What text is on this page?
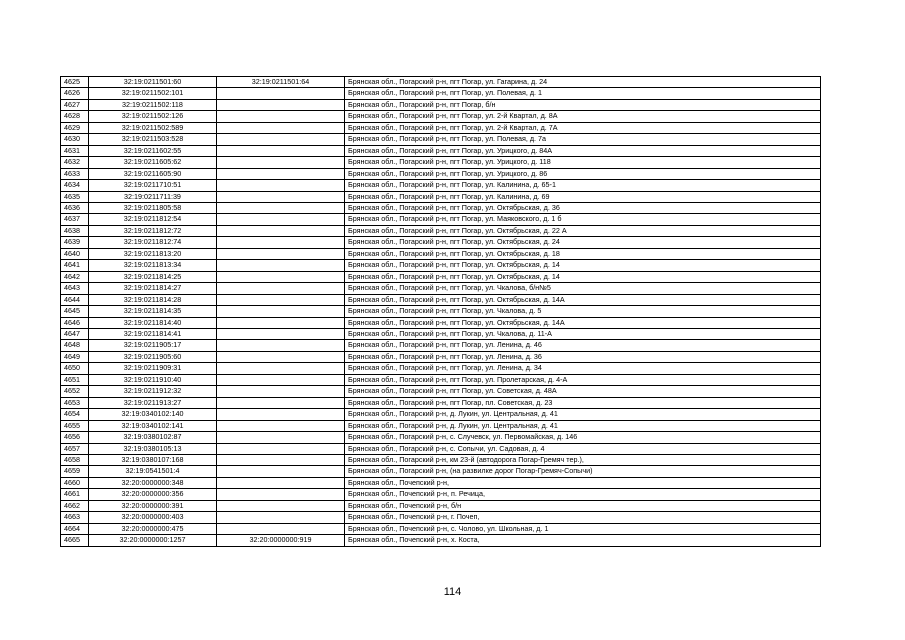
4625	32:19:0211501:60	32:19:0211501:64	Брянская обл., Погарский р-н, пгт Погар, ул. Гагарина, д. 24
4626	32:19:0211502:101		Брянская обл., Погарский р-н, пгт Погар, ул. Полевая, д. 1
4627	32:19:0211502:118		Брянская обл., Погарский р-н, пгт Погар, б/н
4628	32:19:0211502:126		Брянская обл., Погарский р-н, пгт Погар, ул. 2-й Квартал, д. 8А
4629	32:19:0211502:589		Брянская обл., Погарский р-н, пгт Погар, ул. 2-й Квартал, д. 7А
4630	32:19:0211503:528		Брянская обл., Погарский р-н, пгт Погар, ул. Полевая, д. 7а
4631	32:19:0211602:55		Брянская обл., Погарский р-н, пгт Погар, ул. Урицкого, д. 84А
4632	32:19:0211605:62		Брянская обл., Погарский р-н, пгт Погар, ул. Урицкого, д. 118
4633	32:19:0211605:90		Брянская обл., Погарский р-н, пгт Погар, ул. Урицкого, д. 86
4634	32:19:0211710:51		Брянская обл., Погарский р-н, пгт Погар, ул. Калинина, д. 65-1
4635	32:19:0211711:39		Брянская обл., Погарский р-н, пгт Погар, ул. Калинина, д. 69
4636	32:19:0211805:58		Брянская обл., Погарский р-н, пгт Погар, ул. Октябрьская, д. 36
4637	32:19:0211812:54		Брянская обл., Погарский р-н, пгт Погар, ул. Маяковского, д. 1 б
4638	32:19:0211812:72		Брянская обл., Погарский р-н, пгт Погар, ул. Октябрьская, д. 22 А
4639	32:19:0211812:74		Брянская обл., Погарский р-н, пгт Погар, ул. Октябрьская, д. 24
4640	32:19:0211813:20		Брянская обл., Погарский р-н, пгт Погар, ул. Октябрьская, д. 18
4641	32:19:0211813:34		Брянская обл., Погарский р-н, пгт Погар, ул. Октябрьская, д. 14
4642	32:19:0211814:25		Брянская обл., Погарский р-н, пгт Погар, ул. Октябрьская, д. 14
4643	32:19:0211814:27		Брянская обл., Погарский р-н, пгт Погар, ул. Чкалова, б/н№5
4644	32:19:0211814:28		Брянская обл., Погарский р-н, пгт Погар, ул. Октябрьская, д. 14А
4645	32:19:0211814:35		Брянская обл., Погарский р-н, пгт Погар, ул. Чкалова, д. 5
4646	32:19:0211814:40		Брянская обл., Погарский р-н, пгт Погар, ул. Октябрьская, д. 14А
4647	32:19:0211814:41		Брянская обл., Погарский р-н, пгт Погар, ул. Чкалова, д. 11-А
4648	32:19:0211905:17		Брянская обл., Погарский р-н, пгт Погар, ул. Ленина, д. 46
4649	32:19:0211905:60		Брянская обл., Погарский р-н, пгт Погар, ул. Ленина, д. 36
4650	32:19:0211909:31		Брянская обл., Погарский р-н, пгт Погар, ул. Ленина, д. 34
4651	32:19:0211910:40		Брянская обл., Погарский р-н, пгт Погар, ул. Пролетарская, д. 4-А
4652	32:19:0211912:32		Брянская обл., Погарский р-н, пгт Погар, ул. Советская, д. 48А
4653	32:19:0211913:27		Брянская обл., Погарский р-н, пгт Погар, пл. Советская, д. 23
4654	32:19:0340102:140		Брянская обл., Погарский р-н, д. Лукин, ул. Центральная, д. 41
4655	32:19:0340102:141		Брянская обл., Погарский р-н, д. Лукин, ул. Центральная, д. 41
4656	32:19:0380102:87		Брянская обл., Погарский р-н, с. Случевск, ул. Первомайская, д. 146
4657	32:19:0380105:13		Брянская обл., Погарский р-н, с. Сопычи, ул. Садовая, д. 4
4658	32:19:0380107:168		Брянская обл., Погарский р-н, км 23-й (автодорога Погар-Гремяч тер.),
4659	32:19:0541501:4		Брянская обл., Погарский р-н, (на развилке дорог Погар-Гремяч-Сопычи)
4660	32:20:0000000:348		Брянская обл., Почепский р-н,
4661	32:20:0000000:356		Брянская обл., Почепский р-н, п. Речица,
4662	32:20:0000000:391		Брянская обл., Почепский р-н, б/н
4663	32:20:0000000:403		Брянская обл., Почепский р-н, г. Почеп,
4664	32:20:0000000:475		Брянская обл., Почепский р-н, с. Чолово, ул. Школьная, д. 1
4665	32:20:0000000:1257	32:20:0000000:919	Брянская обл., Почепский р-н, х. Коста,
114
